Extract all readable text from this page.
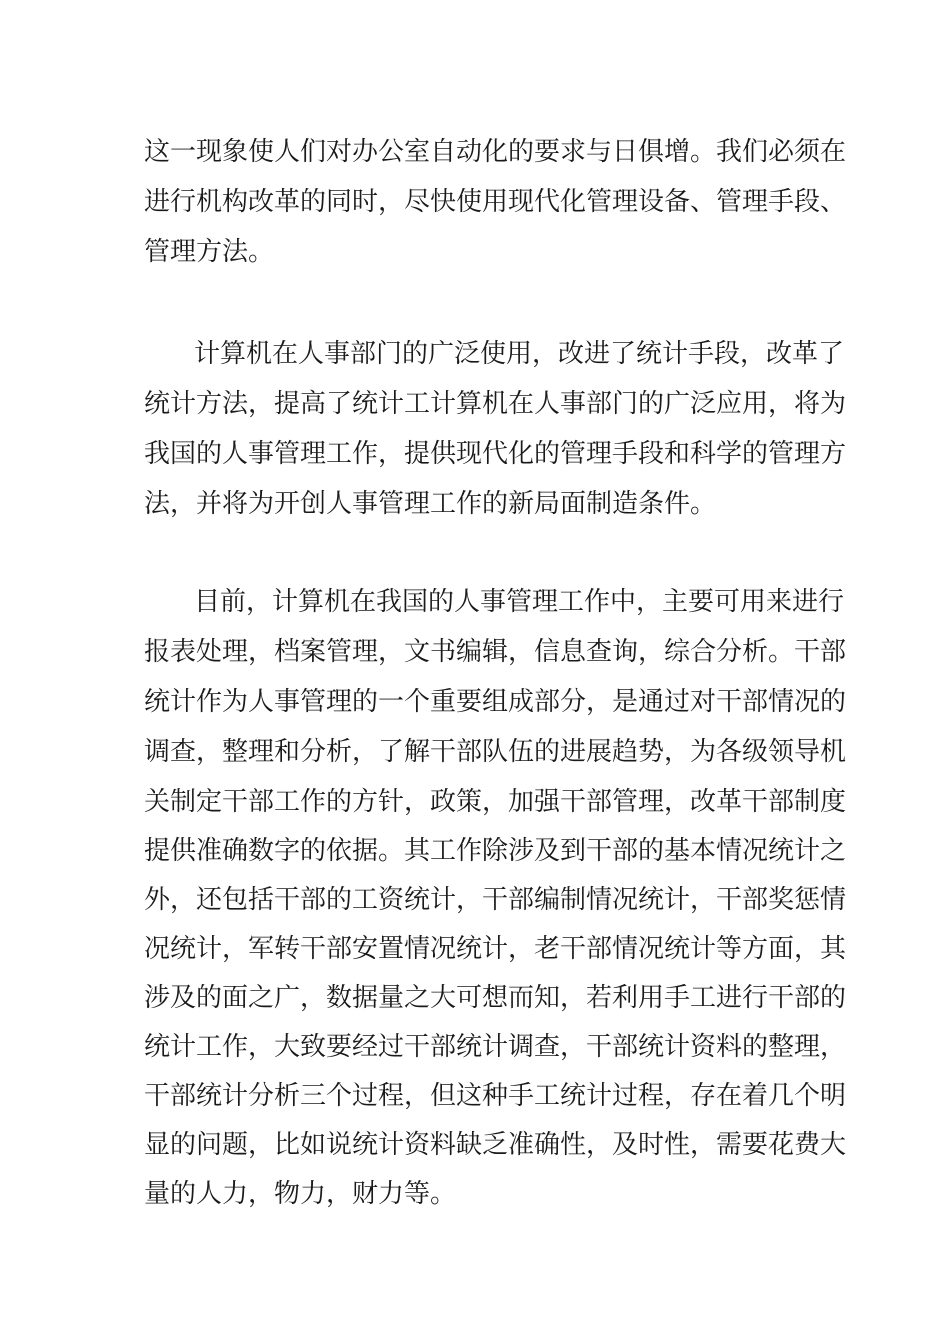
这一现象使人们对办公室自动化的要求与日俱增。我们必须在
进行机构改革的同时，尽快使用现代化管理设备、管理手段、
管理方法。
计算机在人事部门的广泛使用，改进了统计手段，改革了
统计方法，提高了统计工计算机在人事部门的广泛应用，将为
我国的人事管理工作，提供现代化的管理手段和科学的管理方
法，并将为开创人事管理工作的新局面制造条件。
目前，计算机在我国的人事管理工作中，主要可用来进行
报表处理，档案管理，文书编辑，信息查询，综合分析。干部
统计作为人事管理的一个重要组成部分，是通过对干部情况的
调查，整理和分析，了解干部队伍的进展趋势，为各级领导机
关制定干部工作的方针，政策，加强干部管理，改革干部制度
提供准确数字的依据。其工作除涉及到干部的基本情况统计之
外，还包括干部的工资统计，干部编制情况统计，干部奖惩情
况统计，军转干部安置情况统计，老干部情况统计等方面，其
涉及的面之广，数据量之大可想而知，若利用手工进行干部的
统计工作，大致要经过干部统计调查，干部统计资料的整理，
干部统计分析三个过程，但这种手工统计过程，存在着几个明
显的问题，比如说统计资料缺乏准确性，及时性，需要花费大
量的人力，物力，财力等。
